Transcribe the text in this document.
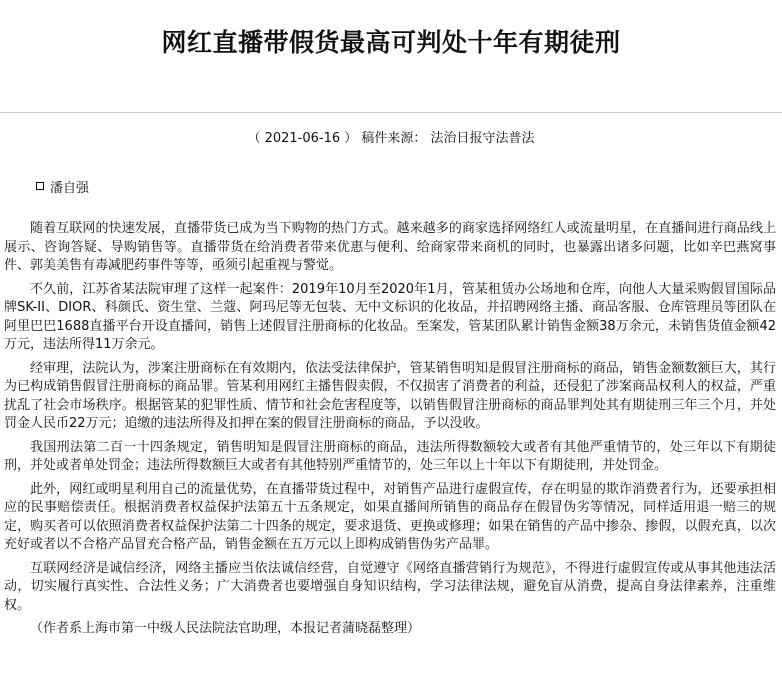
网红直播带假货最高可判处十年有期徒刑
（ 2021-06-16 ） 稿件来源： 法治日报守法普法
潘自强

随着互联网的快速发展，直播带货已成为当下购物的热门方式。越来越多的商家选择网络红人或流量明星，在直播间进行商品线上展示、咨询答疑、导购销售等。直播带货在给消费者带来优惠与便利、给商家带来商机的同时，也暴露出诸多问题，比如辛巴燕窝事件、郭美美售有毒减肥药事件等等，亟须引起重视与警觉。

不久前，江苏省某法院审理了这样一起案件：2019年10月至2020年1月，管某租赁办公场地和仓库，向他人大量采购假冒国际品牌SK-II、DIOR、科颜氏、资生堂、兰蔻、阿玛尼等无包装、无中文标识的化妆品，并招聘网络主播、商品客服、仓库管理员等团队在阿里巴巴1688直播平台开设直播间，销售上述假冒注册商标的化妆品。至案发，管某团队累计销售金额38万余元，未销售货值金额42万元，违法所得11万余元。

经审理，法院认为，涉案注册商标在有效期内，依法受法律保护，管某销售明知是假冒注册商标的商品，销售金额数额巨大，其行为已构成销售假冒注册商标的商品罪。管某利用网红主播售假卖假，不仅损害了消费者的利益，还侵犯了涉案商品权利人的权益，严重扰乱了社会市场秩序。根据管某的犯罪性质、情节和社会危害程度等，以销售假冒注册商标的商品罪判处其有期徒刑三年三个月，并处罚金人民币22万元；追缴的违法所得及扣押在案的假冒注册商标的商品，予以没收。

我国刑法第二百一十四条规定，销售明知是假冒注册商标的商品，违法所得数额较大或者有其他严重情节的，处三年以下有期徒刑，并处或者单处罚金；违法所得数额巨大或者有其他特别严重情节的，处三年以上十年以下有期徒刑，并处罚金。

此外，网红或明星利用自己的流量优势，在直播带货过程中，对销售产品进行虚假宣传，存在明显的欺诈消费者行为，还要承担相应的民事赔偿责任。根据消费者权益保护法第五十五条规定，如果直播间所销售的商品存在假冒伪劣等情况，同样适用退一赔三的规定，购买者可以依照消费者权益保护法第二十四条的规定，要求退货、更换或修理；如果在销售的产品中掺杂、掺假，以假充真，以次充好或者以不合格产品冒充合格产品，销售金额在五万元以上即构成销售伪劣产品罪。

互联网经济是诚信经济，网络主播应当依法诚信经营，自觉遵守《网络直播营销行为规范》，不得进行虚假宣传或从事其他违法活动，切实履行真实性、合法性义务；广大消费者也要增强自身知识结构，学习法律法规，避免盲从消费，提高自身法律素养，注重维权。

（作者系上海市第一中级人民法院法官助理，本报记者蒲晓磊整理）
